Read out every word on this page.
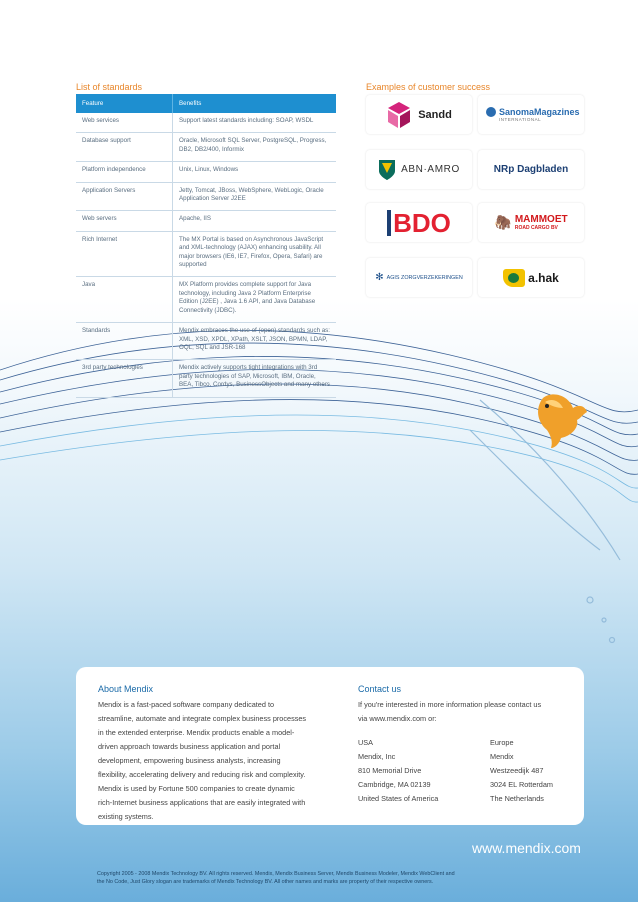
List of standards
Feature	Benefits
Web services	Support latest standards including: SOAP, WSDL
Database support	Oracle, Microsoft SQL Server, PostgreSQL, Progress, DB2, DB2/400, Informix
Platform independence	Unix, Linux, Windows
Application Servers	Jetty, Tomcat, JBoss, WebSphere, WebLogic, Oracle Application Server J2EE
Web servers	Apache, IIS
Rich Internet	The MX Portal is based on Asynchronous JavaScript and XML-technology (AJAX) enhancing usability. All major browsers (IE6, IE7, Firefox, Opera, Safari) are supported
Java	MX Platform provides complete support for Java technology, including Java 2 Platform Enterprise Edition (J2EE) , Java 1.6 API, and Java Database Connectivity (JDBC).
Standards	Mendix embraces the use of (open) standards such as: XML, XSD, XPDL, XPath, XSLT, JSON, BPMN, LDAP, OQL, SQL and JSR-168
3rd party technologies	Mendix actively supports tight integrations with 3rd party technologies of SAP, Microsoft, IBM, Oracle, BEA, Tibco, Cordys, BusinessObjects and many others
Examples of customer success
Sandd	SanomaMagazines
INTERNATIONAL
ABN·AMRO	NRp Dagbladen
BDO	🦣 MAMMOET
ROAD CARGO BV
✻ AGIS ZORGVERZEKERINGEN	a.hak
About Mendix
Mendix is a fast-paced software company dedicated to
streamline, automate and integrate complex business processes
in the extended enterprise. Mendix products enable a model-
driven approach towards business application and portal
development, empowering business analysts, increasing
flexibility, accelerating delivery and reducing risk and complexity.
Mendix is used by Fortune 500 companies to create dynamic
rich-Internet business applications that are easily integrated with
existing systems.
Contact us
If you're interested in more information please contact us
via www.mendix.com or:
USA
Mendix, Inc
810 Memorial Drive
Cambridge, MA 02139
United States of America
Europe
Mendix
Westzeedijk 487
3024 EL Rotterdam
The Netherlands
www.mendix.com
Copyright 2005 - 2008 Mendix Technology BV. All rights reserved. Mendix, Mendix Business Server, Mendix Business Modeler, Mendix WebClient and
the No Code, Just Glory slogan are trademarks of Mendix Technology BV. All other names and marks are property of their respective owners.
